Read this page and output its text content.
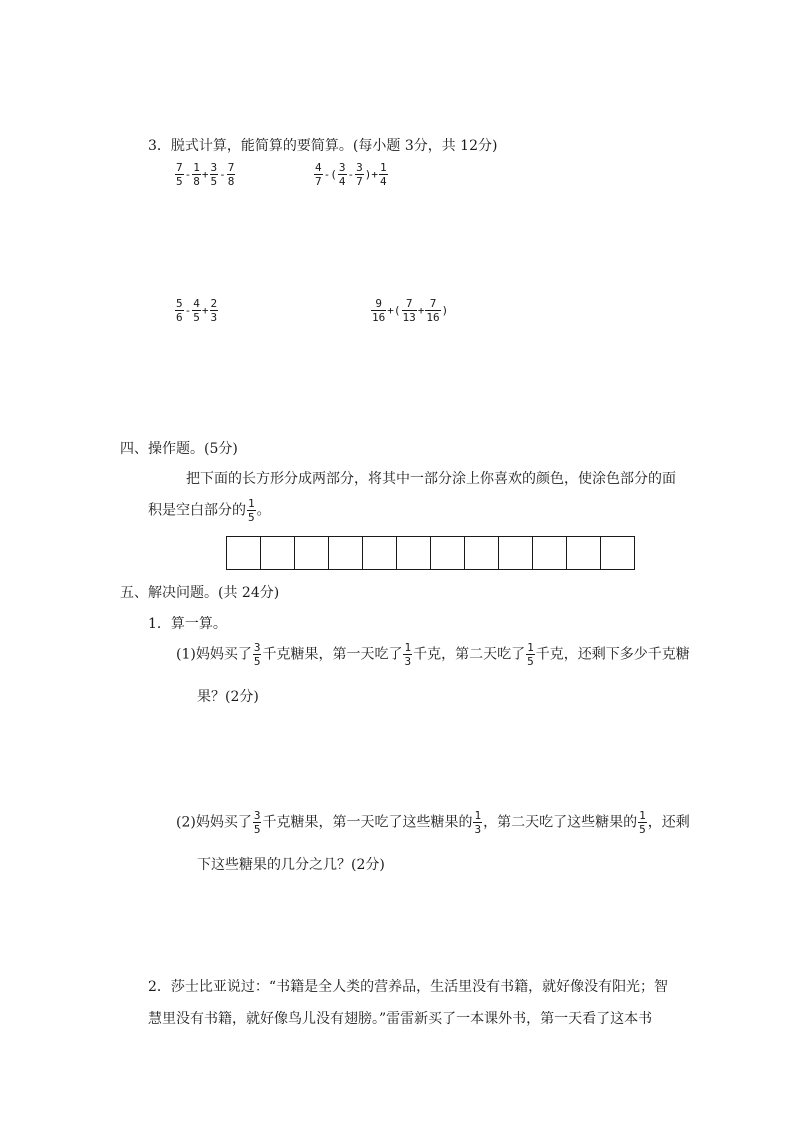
3．脱式计算，能简算的要简算。(每小题 3分，共 12分)
$\frac{7}{5} - \frac{1}{8} + \frac{3}{5} - \frac{7}{8}$	$\frac{4}{7}$ -( $\frac{3}{4} - \frac{3}{7}$ )+ $\frac{1}{4}$
$\frac{5}{6} - \frac{4}{5} + \frac{2}{3}$	$\frac{9}{16}$ +( $\frac{7}{13} + \frac{7}{16}$ )
四、操作题。(5分)
把下面的长方形分成两部分，将其中一部分涂上你喜欢的颜色，使涂色部分的面
积是空白部分的 $\frac{1}{5}$ 。
五、解决问题。(共 24分)
1．算一算。
(1)妈妈买了 $\frac{3}{5}$ 千克糖果，第一天吃了 $\frac{1}{3}$ 千克，第二天吃了 $\frac{1}{5}$ 千克，还剩下多少千克糖
果？(2分)
(2)妈妈买了 $\frac{3}{5}$ 千克糖果，第一天吃了这些糖果的 $\frac{1}{3}$ ，第二天吃了这些糖果的 $\frac{1}{5}$ ，还剩
下这些糖果的几分之几？(2分)
2．莎士比亚说过：“书籍是全人类的营养品，生活里没有书籍，就好像没有阳光；智
慧里没有书籍，就好像鸟儿没有翅膀。”雷雷新买了一本课外书，第一天看了这本书
